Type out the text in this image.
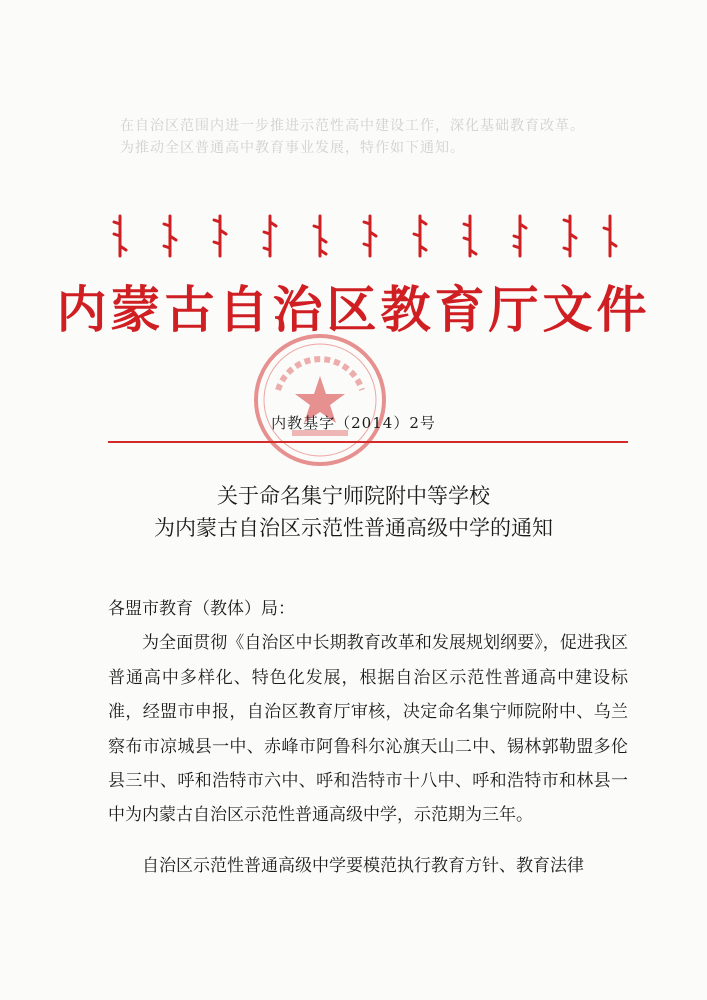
在自治区范围内进一步推进示范性高中建设工作，深化基础教育改革。
为推动全区普通高中教育事业发展，特作如下通知。
内蒙古自治区教育厅文件
内教基字（2014）2号
关于命名集宁师院附中等学校
为内蒙古自治区示范性普通高级中学的通知

各盟市教育（教体）局：

为全面贯彻《自治区中长期教育改革和发展规划纲要》，促进我区普通高中多样化、特色化发展，根据自治区示范性普通高中建设标准，经盟市申报，自治区教育厅审核，决定命名集宁师院附中、乌兰察布市凉城县一中、赤峰市阿鲁科尔沁旗天山二中、锡林郭勒盟多伦县三中、呼和浩特市六中、呼和浩特市十八中、呼和浩特市和林县一中为内蒙古自治区示范性普通高级中学，示范期为三年。

自治区示范性普通高级中学要模范执行教育方针、教育法律
